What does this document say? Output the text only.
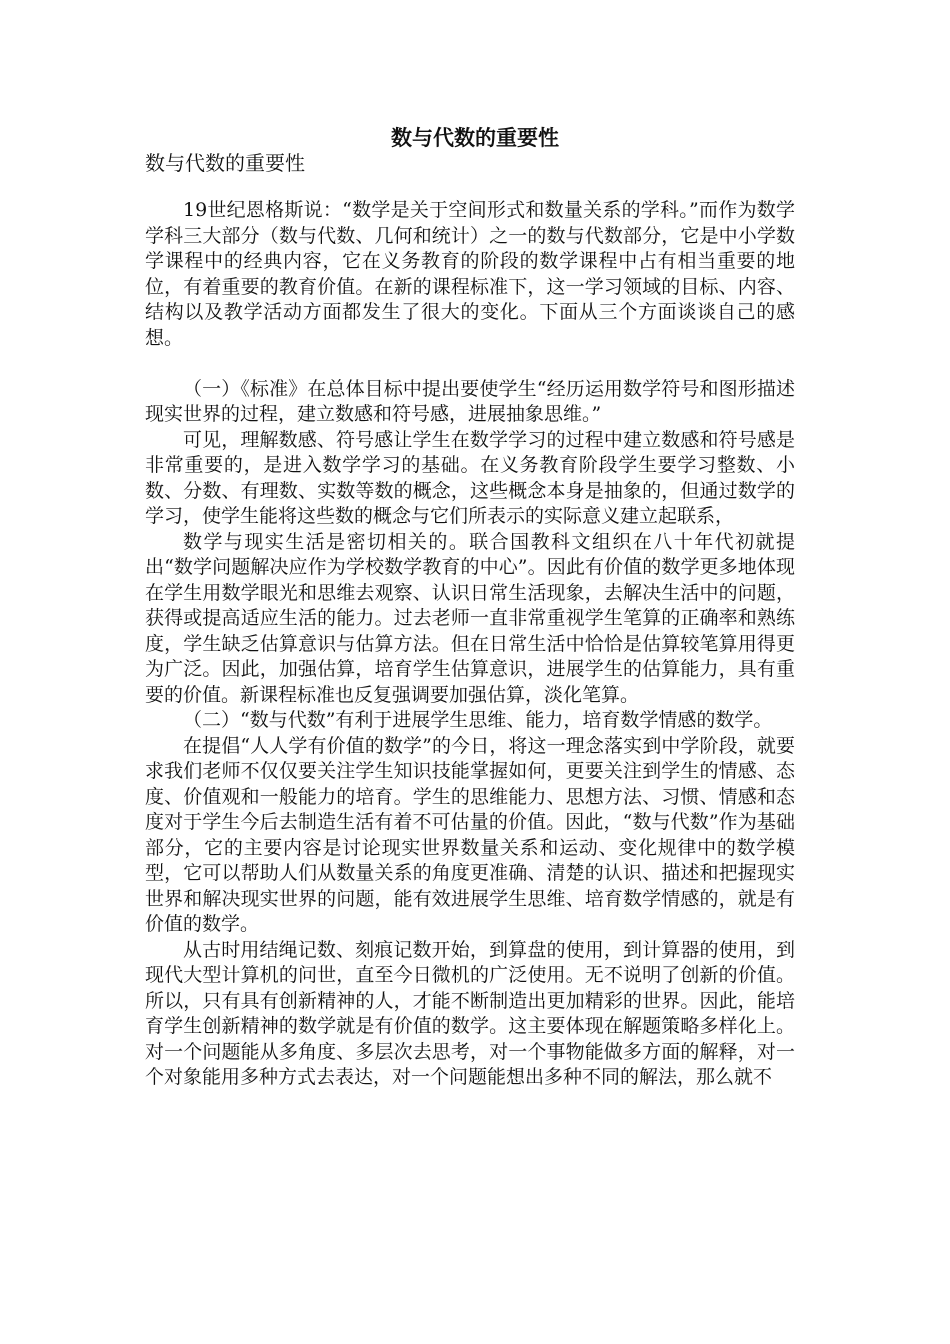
数与代数的重要性

数与代数的重要性

19世纪恩格斯说：“数学是关于空间形式和数量关系的学科。”而作为数学学科三大部分（数与代数、几何和统计）之一的数与代数部分，它是中小学数学课程中的经典内容，它在义务教育的阶段的数学课程中占有相当重要的地位，有着重要的教育价值。在新的课程标准下，这一学习领域的目标、内容、结构以及教学活动方面都发生了很大的变化。下面从三个方面谈谈自己的感想。

（一）《标准》在总体目标中提出要使学生“经历运用数学符号和图形描述现实世界的过程，建立数感和符号感，进展抽象思维。”

可见，理解数感、符号感让学生在数学学习的过程中建立数感和符号感是非常重要的，是进入数学学习的基础。在义务教育阶段学生要学习整数、小数、分数、有理数、实数等数的概念，这些概念本身是抽象的，但通过数学的学习，使学生能将这些数的概念与它们所表示的实际意义建立起联系，

数学与现实生活是密切相关的。联合国教科文组织在八十年代初就提出“数学问题解决应作为学校数学教育的中心”。因此有价值的数学更多地体现在学生用数学眼光和思维去观察、认识日常生活现象，去解决生活中的问题，获得或提高适应生活的能力。过去老师一直非常重视学生笔算的正确率和熟练度，学生缺乏估算意识与估算方法。但在日常生活中恰恰是估算较笔算用得更为广泛。因此，加强估算，培育学生估算意识，进展学生的估算能力，具有重要的价值。新课程标准也反复强调要加强估算，淡化笔算。

（二）“数与代数”有利于进展学生思维、能力，培育数学情感的数学。

在提倡“人人学有价值的数学”的今日，将这一理念落实到中学阶段，就要求我们老师不仅仅要关注学生知识技能掌握如何，更要关注到学生的情感、态度、价值观和一般能力的培育。学生的思维能力、思想方法、习惯、情感和态度对于学生今后去制造生活有着不可估量的价值。因此，“数与代数”作为基础部分，它的主要内容是讨论现实世界数量关系和运动、变化规律中的数学模型，它可以帮助人们从数量关系的角度更准确、清楚的认识、描述和把握现实世界和解决现实世界的问题，能有效进展学生思维、培育数学情感的，就是有价值的数学。

从古时用结绳记数、刻痕记数开始，到算盘的使用，到计算器的使用，到现代大型计算机的问世，直至今日微机的广泛使用。无不说明了创新的价值。所以，只有具有创新精神的人，才能不断制造出更加精彩的世界。因此，能培育学生创新精神的数学就是有价值的数学。这主要体现在解题策略多样化上。对一个问题能从多角度、多层次去思考，对一个事物能做多方面的解释，对一个对象能用多种方式去表达，对一个问题能想出多种不同的解法，那么就不
